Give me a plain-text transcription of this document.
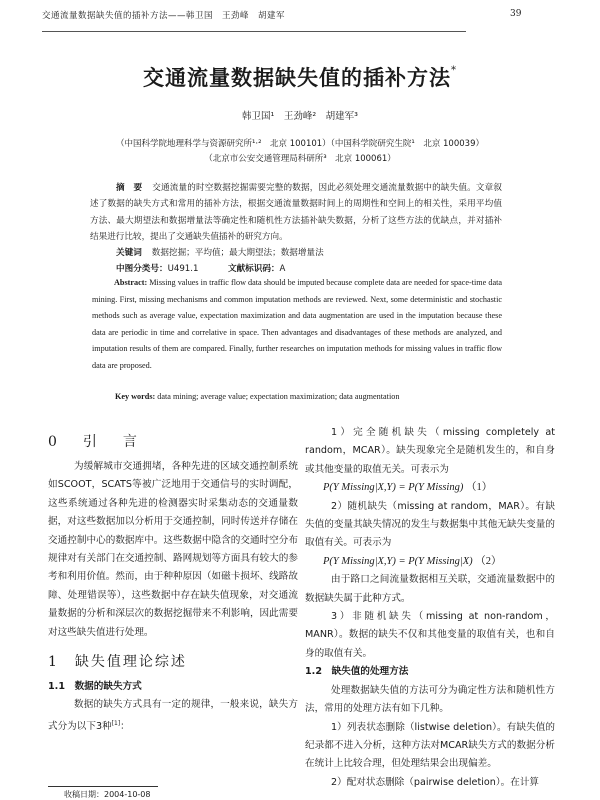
交通流量数据缺失值的插补方法——韩卫国　王劲峰　胡建军	39
交通流量数据缺失值的插补方法*
韩卫国¹　王劲峰²　胡建军³
（中国科学院地理科学与资源研究所¹·²　北京 100101）（中国科学院研究生院¹　北京 100039）
（北京市公安交通管理局科研所³　北京 100061）

摘　要 交通流量的时空数据挖掘需要完整的数据，因此必须处理交通流量数据中的缺失值。文章叙述了数据的缺失方式和常用的插补方法，根据交通流量数据时间上的周期性和空间上的相关性，采用平均值方法、最大期望法和数据增量法等确定性和随机性方法插补缺失数据，分析了这些方法的优缺点，并对插补结果进行比较，提出了交通缺失值插补的研究方向。

关键词 数据挖掘；平均值；最大期望法；数据增量法

中图分类号：U491.1	文献标识码：A

Abstract: Missing values in traffic flow data should be imputed because complete data are needed for space-time data mining. First, missing mechanisms and common imputation methods are reviewed. Next, some deterministic and stochastic methods such as average value, expectation maximization and data augmentation are used in the imputation because these data are periodic in time and correlative in space. Then advantages and disadvantages of these methods are analyzed, and imputation results of them are compared. Finally, further researches on imputation methods for missing values in traffic flow data are proposed.

Key words: data mining; average value; expectation maximization; data augmentation
0　引　言

为缓解城市交通拥堵，各种先进的区域交通控制系统如SCOOT，SCATS等被广泛地用于交通信号的实时调配，这些系统通过各种先进的检测器实时采集动态的交通量数据，对这些数据加以分析用于交通控制，同时传送并存储在交通控制中心的数据库中。这些数据中隐含的交通时空分布规律对有关部门在交通控制、路网规划等方面具有较大的参考和利用价值。然而，由于种种原因（如磁卡损坏、线路故障、处理错误等），这些数据中存在缺失值现象，对交通流量数据的分析和深层次的数据挖掘带来不利影响，因此需要对这些缺失值进行处理。

1　缺失值理论综述
1.1　数据的缺失方式

数据的缺失方式具有一定的规律，一般来说，缺失方式分为以下3种[1]：

收稿日期：2004-10-08

1）完全随机缺失（missing completely at random，MCAR）。缺失现象完全是随机发生的，和自身或其他变量的取值无关。可表示为

P(Y Missing|X,Y) = P(Y Missing) （1）

2）随机缺失（missing at random，MAR）。有缺失值的变量其缺失情况的发生与数据集中其他无缺失变量的取值有关。可表示为

P(Y Missing|X,Y) = P(Y Missing|X) （2）

由于路口之间流量数据相互关联，交通流量数据中的数据缺失属于此种方式。

3）非随机缺失（missing at non-random，MANR）。数据的缺失不仅和其他变量的取值有关，也和自身的取值有关。

1.2　缺失值的处理方法

处理数据缺失值的方法可分为确定性方法和随机性方法，常用的处理方法有如下几种。

1）列表状态删除（listwise deletion）。有缺失值的纪录都不进入分析，这种方法对MCAR缺失方式的数据分析在统计上比较合理，但处理结果会出现偏差。

2）配对状态删除（pairwise deletion）。在计算
